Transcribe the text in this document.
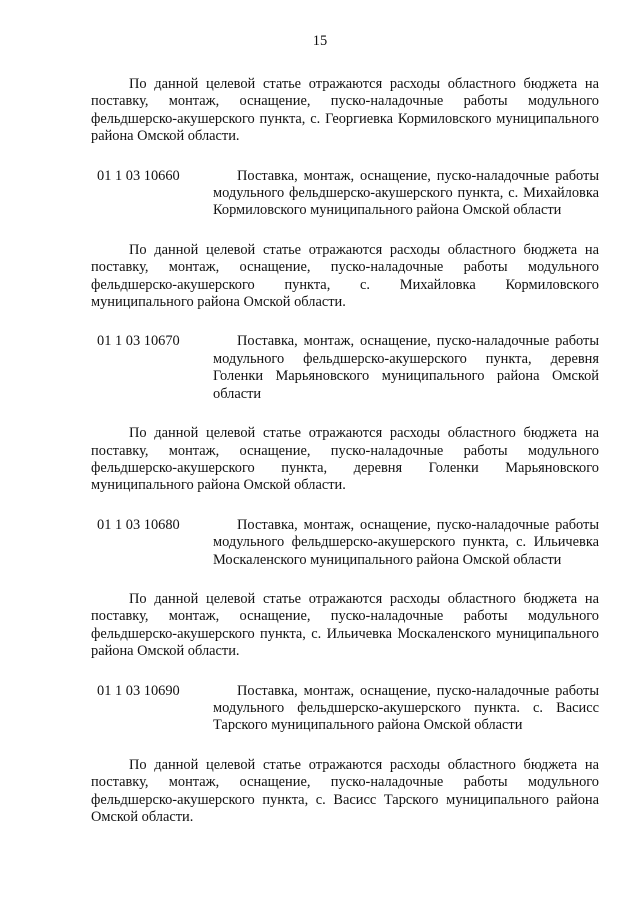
15

По данной целевой статье отражаются расходы областного бюджета на поставку, монтаж, оснащение, пуско-наладочные работы модульного фельдшерско-акушерского пункта, с. Георгиевка Кормиловского муниципального района Омской области.

01 1 03 10660	Поставка, монтаж, оснащение, пуско-наладочные работы модульного фельдшерско-акушерского пункта, с. Михайловка Кормиловского муниципального района Омской области

По данной целевой статье отражаются расходы областного бюджета на поставку, монтаж, оснащение, пуско-наладочные работы модульного фельдшерско-акушерского пункта, с. Михайловка Кормиловского муниципального района Омской области.

01 1 03 10670	Поставка, монтаж, оснащение, пуско-наладочные работы модульного фельдшерско-акушерского пункта, деревня Голенки Марьяновского муниципального района Омской области

По данной целевой статье отражаются расходы областного бюджета на поставку, монтаж, оснащение, пуско-наладочные работы модульного фельдшерско-акушерского пункта, деревня Голенки Марьяновского муниципального района Омской области.

01 1 03 10680	Поставка, монтаж, оснащение, пуско-наладочные работы модульного фельдшерско-акушерского пункта, с. Ильичевка Москаленского муниципального района Омской области

По данной целевой статье отражаются расходы областного бюджета на поставку, монтаж, оснащение, пуско-наладочные работы модульного фельдшерско-акушерского пункта, с. Ильичевка Москаленского муниципального района Омской области.

01 1 03 10690	Поставка, монтаж, оснащение, пуско-наладочные работы модульного фельдшерско-акушерского пункта. с. Васисс Тарского муниципального района Омской области

По данной целевой статье отражаются расходы областного бюджета на поставку, монтаж, оснащение, пуско-наладочные работы модульного фельдшерско-акушерского пункта, с. Васисс Тарского муниципального района Омской области.
